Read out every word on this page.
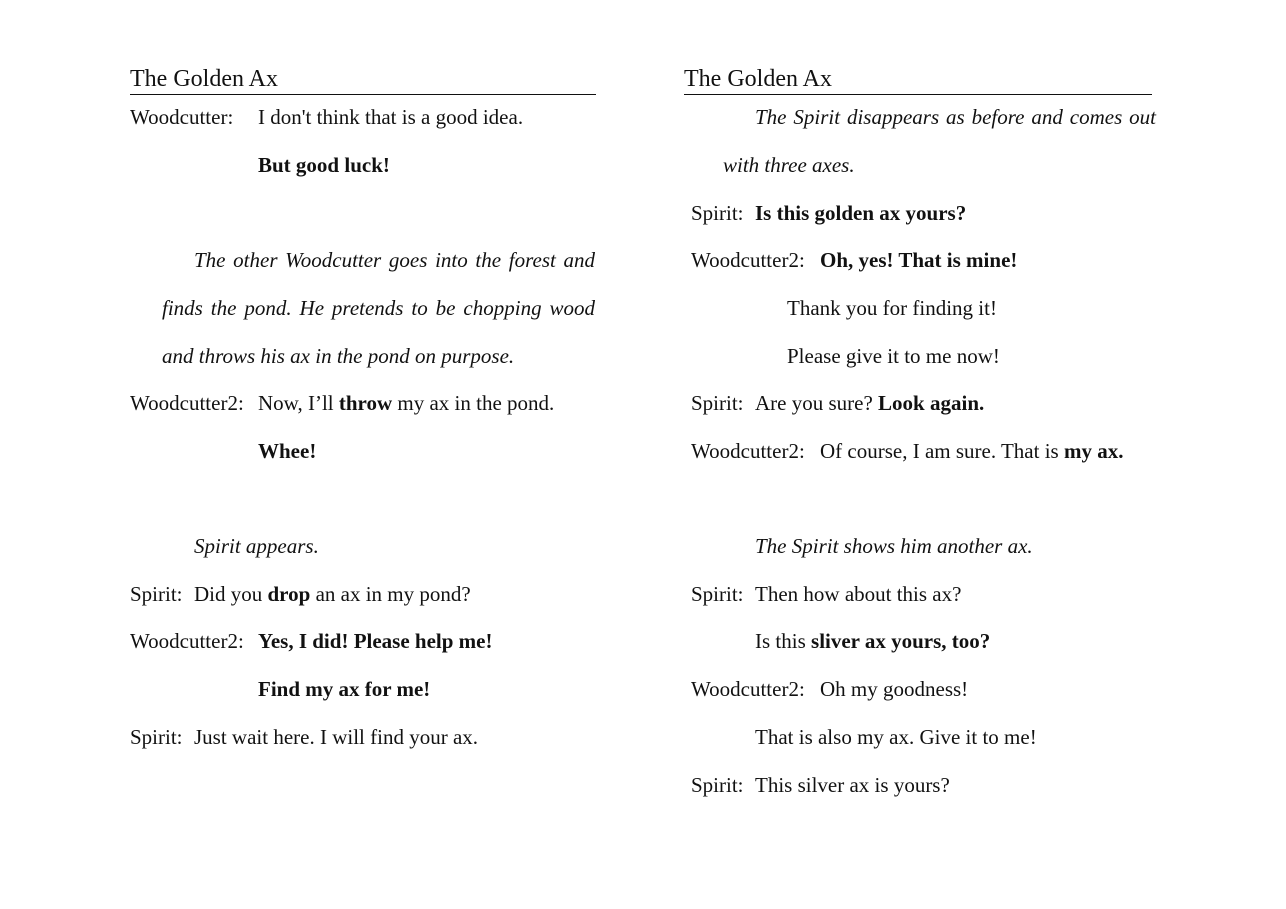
The Golden Ax	The Golden Ax
Woodcutter: I don't think that is a good idea.
But good luck!
The other Woodcutter goes into the forest and
finds the pond. He pretends to be chopping wood
and throws his ax in the pond on purpose.
Woodcutter2: Now, I’ll throw my ax in the pond.
Whee!
Spirit appears.
Spirit: Did you drop an ax in my pond?
Woodcutter2: Yes, I did! Please help me!
Find my ax for me!
Spirit: Just wait here. I will find your ax.
The Spirit disappears as before and comes out
with three axes.
Spirit: Is this golden ax yours?
Woodcutter2: Oh, yes! That is mine!
Thank you for finding it!
Please give it to me now!
Spirit: Are you sure? Look again.
Woodcutter2: Of course, I am sure. That is my ax.
The Spirit shows him another ax.
Spirit: Then how about this ax?
Is this sliver ax yours, too?
Woodcutter2: Oh my goodness!
That is also my ax. Give it to me!
Spirit: This silver ax is yours?
